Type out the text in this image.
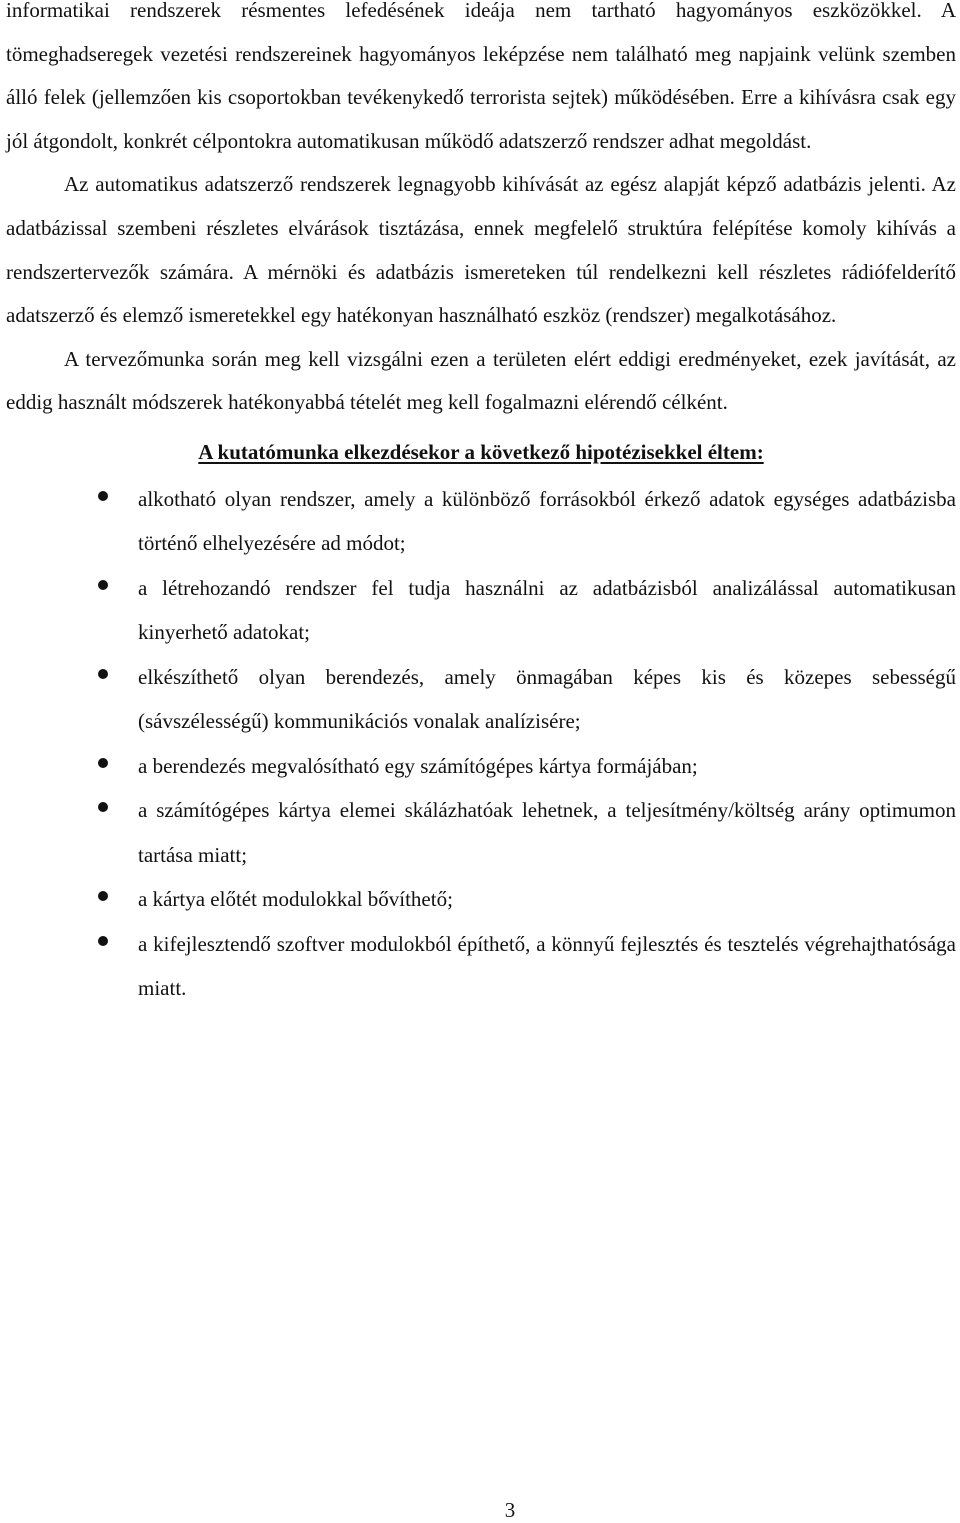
informatikai rendszerek résmentes lefedésének ideája nem tartható hagyományos eszközökkel. A tömeghadseregek vezetési rendszereinek hagyományos leképzése nem található meg napjaink velünk szemben álló felek (jellemzően kis csoportokban tevékenykedő terrorista sejtek) működésében. Erre a kihívásra csak egy jól átgondolt, konkrét célpontokra automatikusan működő adatszerző rendszer adhat megoldást.

Az automatikus adatszerző rendszerek legnagyobb kihívását az egész alapját képző adatbázis jelenti. Az adatbázissal szembeni részletes elvárások tisztázása, ennek megfelelő struktúra felépítése komoly kihívás a rendszertervezők számára. A mérnöki és adatbázis ismereteken túl rendelkezni kell részletes rádiófelderítő adatszerző és elemző ismeretekkel egy hatékonyan használható eszköz (rendszer) megalkotásához.

A tervezőmunka során meg kell vizsgálni ezen a területen elért eddigi eredményeket, ezek javítását, az eddig használt módszerek hatékonyabbá tételét meg kell fogalmazni elérendő célként.

A kutatómunka elkezdésekor a következő hipotézisekkel éltem:
alkotható olyan rendszer, amely a különböző forrásokból érkező adatok egységes adatbázisba történő elhelyezésére ad módot;
a létrehozandó rendszer fel tudja használni az adatbázisból analizálással automatikusan kinyerhető adatokat;
elkészíthető olyan berendezés, amely önmagában képes kis és közepes sebességű (sávszélességű) kommunikációs vonalak analízisére;
a berendezés megvalósítható egy számítógépes kártya formájában;
a számítógépes kártya elemei skálázhatóak lehetnek, a teljesítmény/költség arány optimumon tartása miatt;
a kártya előtét modulokkal bővíthető;
a kifejlesztendő szoftver modulokból építhető, a könnyű fejlesztés és tesztelés végrehajthatósága miatt.
3
